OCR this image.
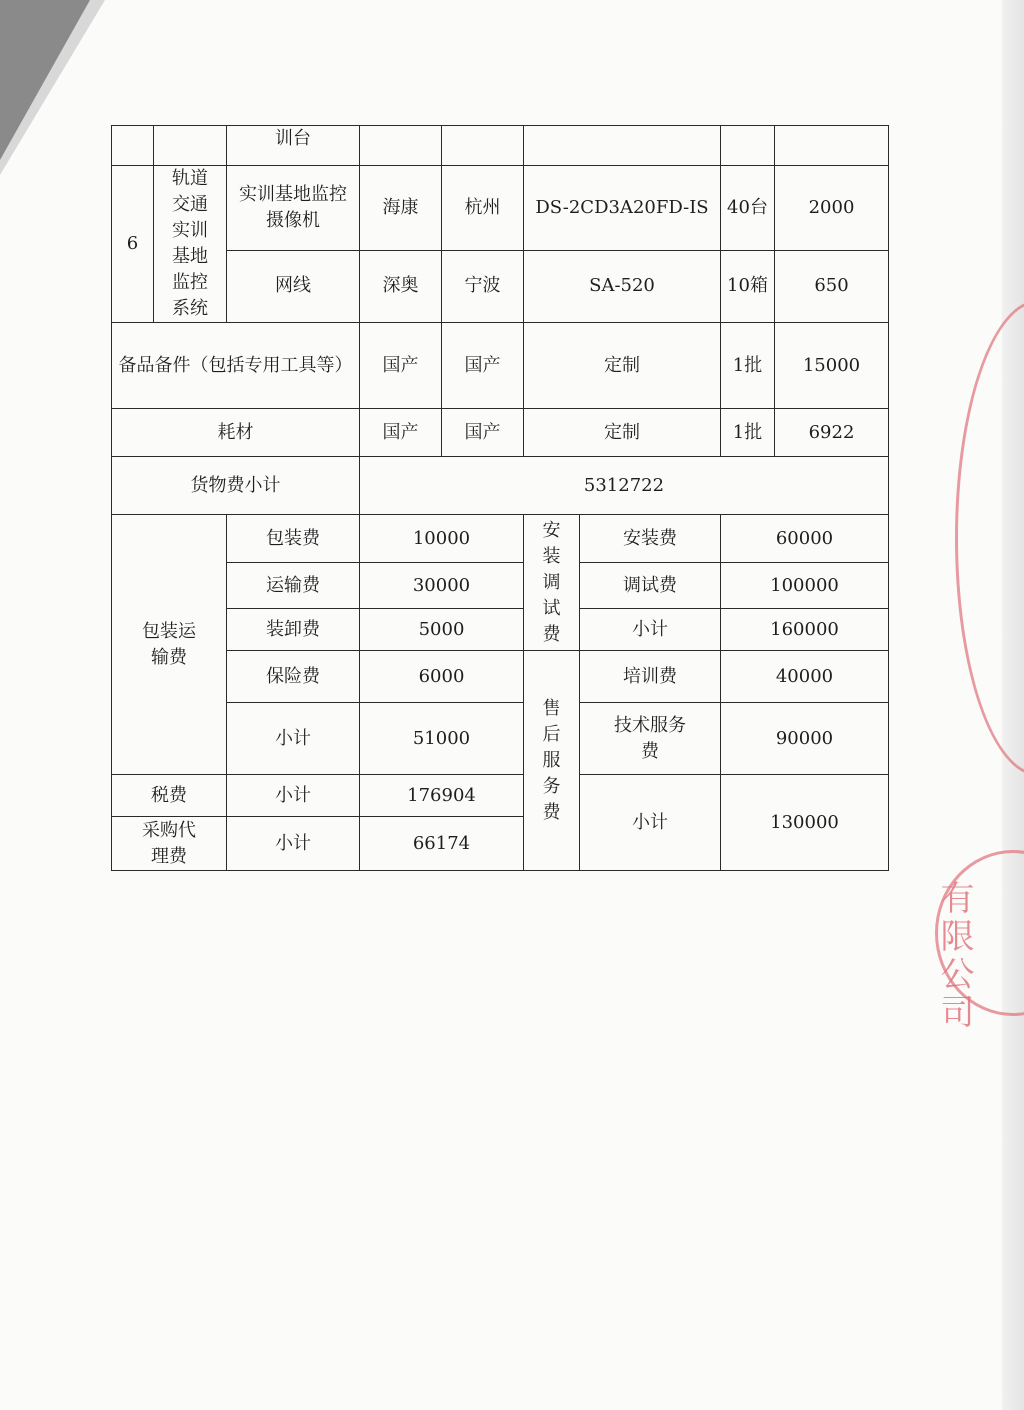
有限公司

		训台							
6	轨道交通实训基地监控系统	实训基地监控摄像机	海康	杭州	DS-2CD3A20FD-IS			40台	2000
		网线	深奥	宁波	SA-520			10箱	650
备品备件（包括专用工具等）			国产	国产	定制			1批	15000
耗材			国产	国产	定制			1批	6922
货物费小计			5312722						
包装运输费		包装费	10000		安装调试费	安装费		60000	
		运输费	30000			调试费		100000	
		装卸费	5000			小计		160000	
		保险费	6000		售后服务费	培训费		40000	
		小计	51000			技术服务费		90000	
税费		小计	176904			小计		130000	
采购代理费		小计	66174						
